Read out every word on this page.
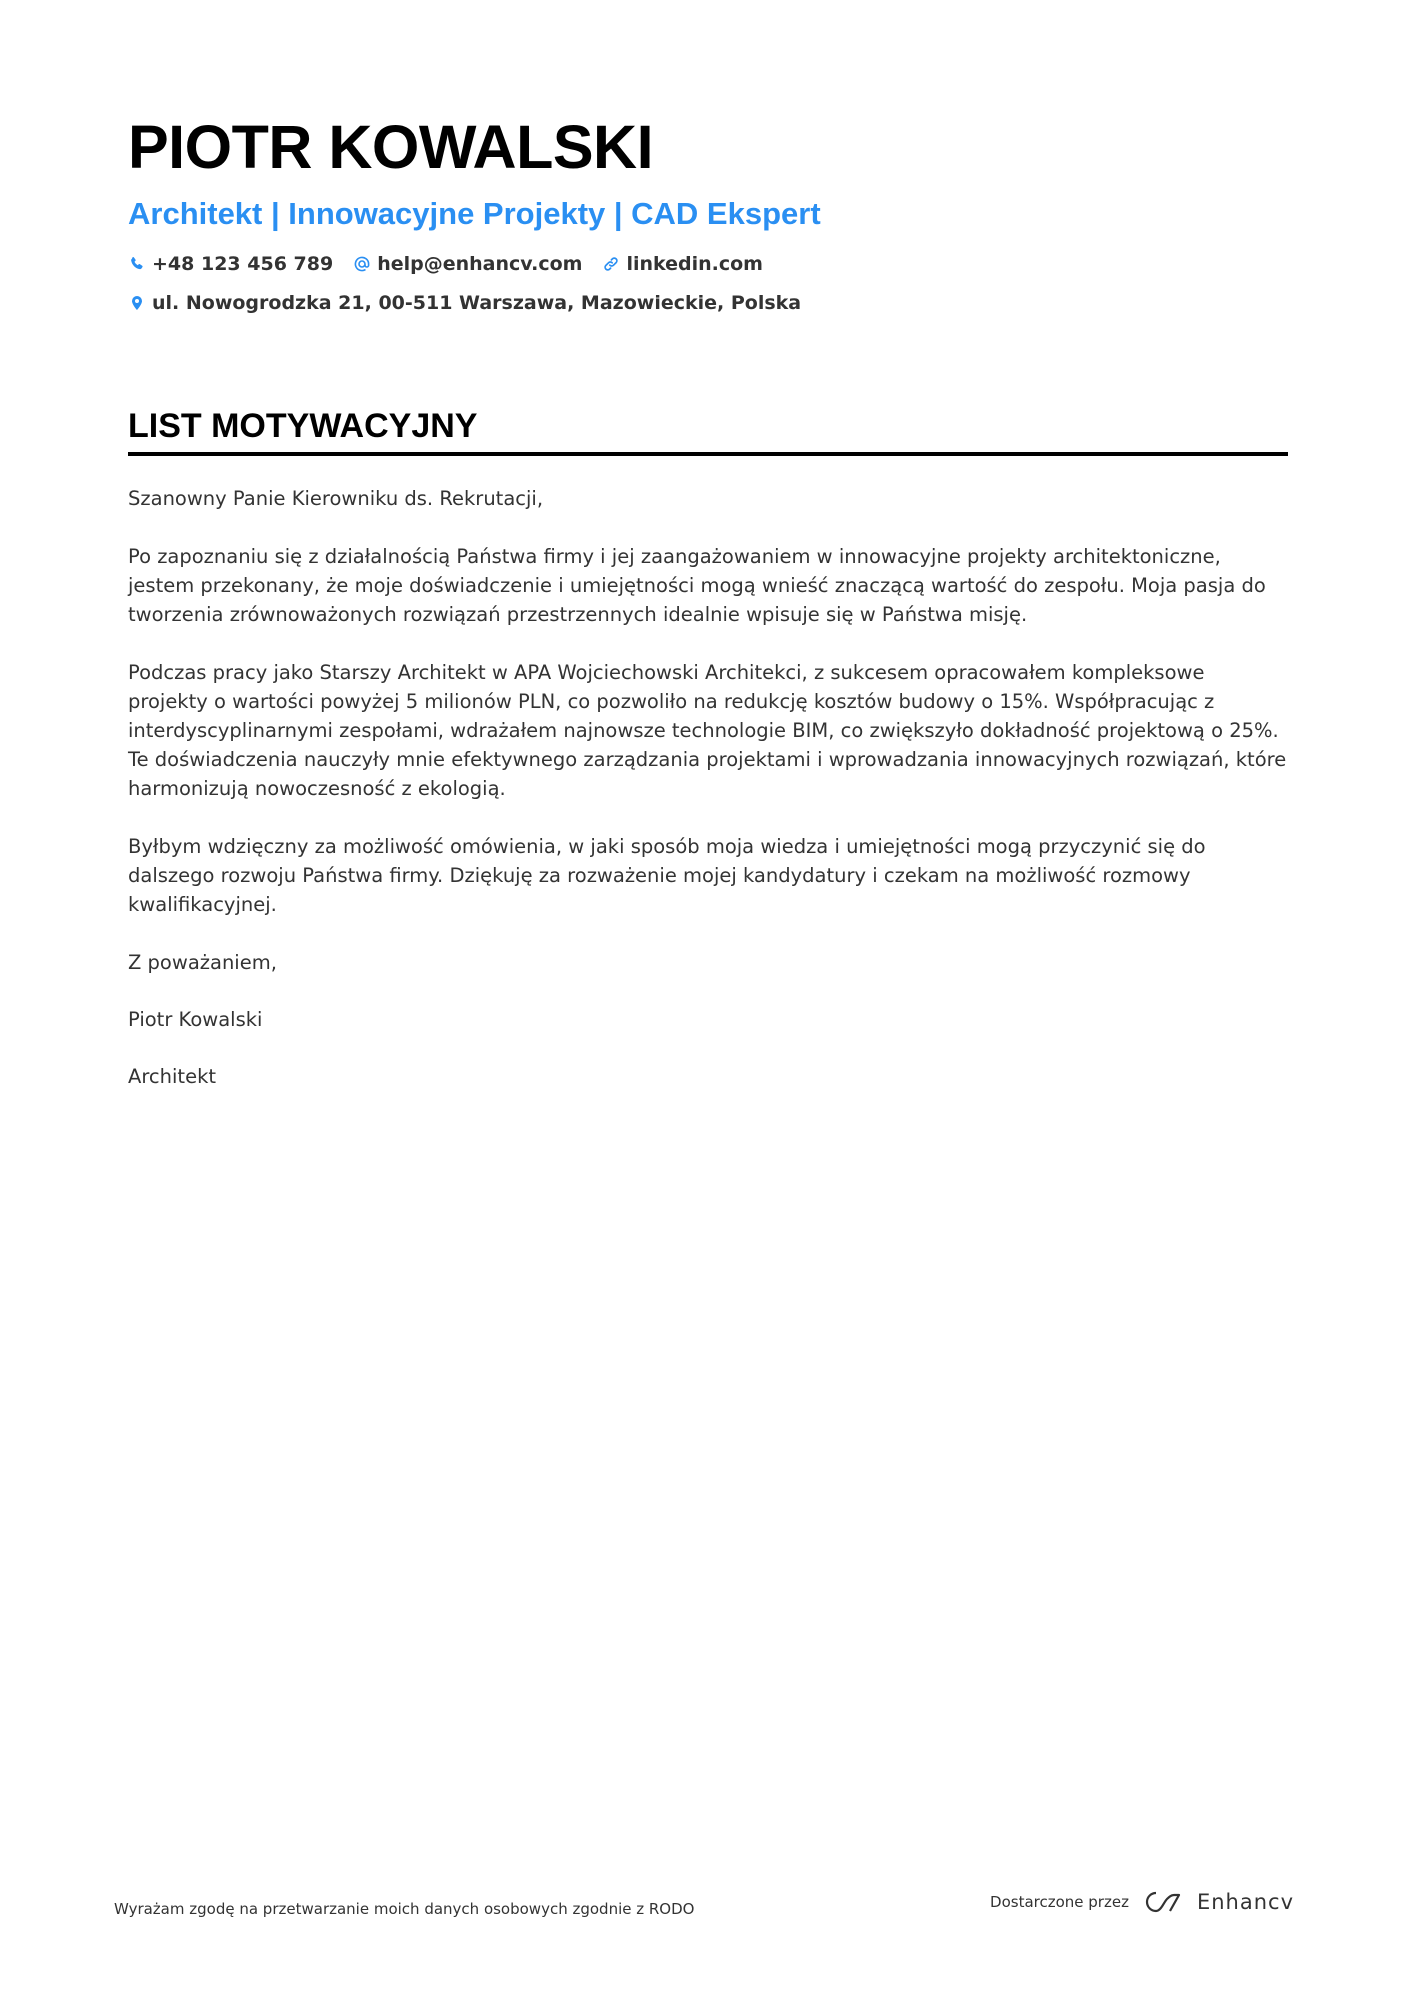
PIOTR KOWALSKI
Architekt | Innowacyjne Projekty | CAD Ekspert
+48 123 456 789 help@enhancv.com linkedin.com
ul. Nowogrodzka 21, 00-511 Warszawa, Mazowieckie, Polska
LIST MOTYWACYJNY

Szanowny Panie Kierowniku ds. Rekrutacji,

Po zapoznaniu się z działalnością Państwa firmy i jej zaangażowaniem w innowacyjne projekty architektoniczne, jestem przekonany, że moje doświadczenie i umiejętności mogą wnieść znaczącą wartość do zespołu. Moja pasja do tworzenia zrównoważonych rozwiązań przestrzennych idealnie wpisuje się w Państwa misję.

Podczas pracy jako Starszy Architekt w APA Wojciechowski Architekci, z sukcesem opracowałem kompleksowe projekty o wartości powyżej 5 milionów PLN, co pozwoliło na redukcję kosztów budowy o 15%. Współpracując z interdyscyplinarnymi zespołami, wdrażałem najnowsze technologie BIM, co zwiększyło dokładność projektową o 25%. Te doświadczenia nauczyły mnie efektywnego zarządzania projektami i wprowadzania innowacyjnych rozwiązań, które harmonizują nowoczesność z ekologią.

Byłbym wdzięczny za możliwość omówienia, w jaki sposób moja wiedza i umiejętności mogą przyczynić się do dalszego rozwoju Państwa firmy. Dziękuję za rozważenie mojej kandydatury i czekam na możliwość rozmowy kwalifikacyjnej.

Z poważaniem,

Piotr Kowalski

Architekt

Wyrażam zgodę na przetwarzanie moich danych osobowych zgodnie z RODO	Dostarczone przez	Enhancv
